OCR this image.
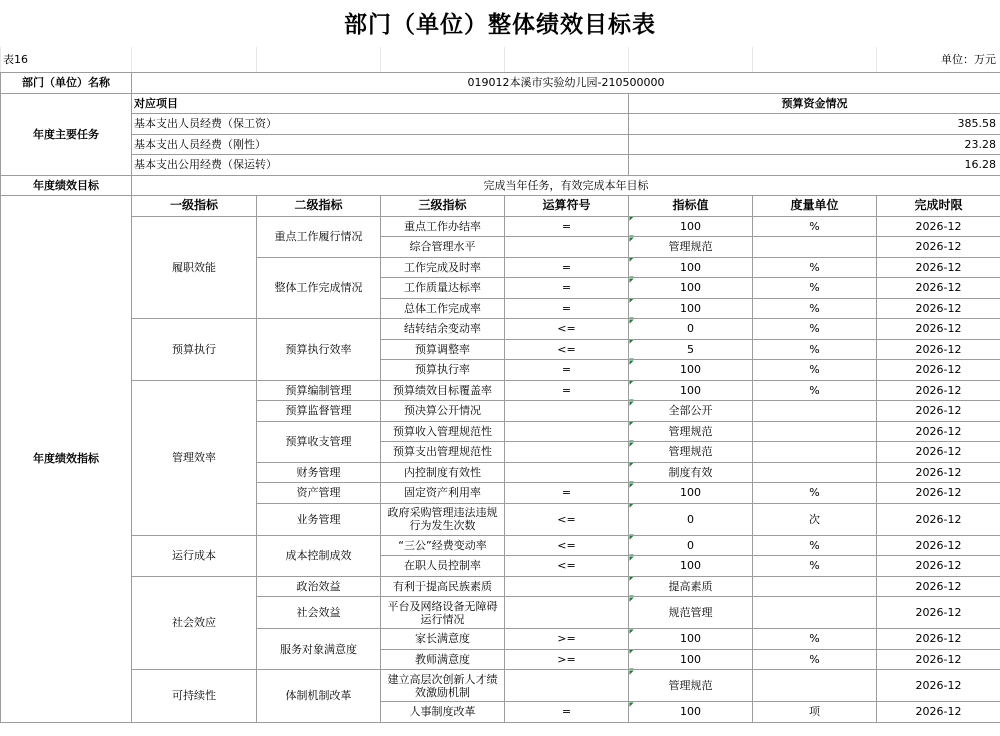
部门（单位）整体绩效目标表
表16							单位：万元
部门（单位）名称	019012本溪市实验幼儿园-210500000						
年度主要任务	对应项目				预算资金情况		
	基本支出人员经费（保工资）				385.58		
	基本支出人员经费（刚性）				23.28		
	基本支出公用经费（保运转）				16.28		
年度绩效目标	完成当年任务，有效完成本年目标						
年度绩效指标	一级指标	二级指标	三级指标	运算符号	指标值	度量单位	完成时限
	履职效能	重点工作履行情况	重点工作办结率	=	100	%	2026-12
			综合管理水平		管理规范		2026-12
		整体工作完成情况	工作完成及时率	=	100	%	2026-12
			工作质量达标率	=	100	%	2026-12
			总体工作完成率	=	100	%	2026-12
	预算执行	预算执行效率	结转结余变动率	<=	0	%	2026-12
			预算调整率	<=	5	%	2026-12
			预算执行率	=	100	%	2026-12
	管理效率	预算编制管理	预算绩效目标覆盖率	=	100	%	2026-12
		预算监督管理	预决算公开情况		全部公开		2026-12
		预算收支管理	预算收入管理规范性		管理规范		2026-12
			预算支出管理规范性		管理规范		2026-12
		财务管理	内控制度有效性		制度有效		2026-12
		资产管理	固定资产利用率	=	100	%	2026-12
		业务管理	政府采购管理违法违规行为发生次数	<=	0	次	2026-12
	运行成本	成本控制成效	“三公”经费变动率	<=	0	%	2026-12
			在职人员控制率	<=	100	%	2026-12
	社会效应	政治效益	有利于提高民族素质		提高素质		2026-12
		社会效益	平台及网络设备无障碍运行情况		规范管理		2026-12
		服务对象满意度	家长满意度	>=	100	%	2026-12
			教师满意度	>=	100	%	2026-12
	可持续性	体制机制改革	建立高层次创新人才绩效激励机制		管理规范		2026-12
			人事制度改革	=	100	项	2026-12
